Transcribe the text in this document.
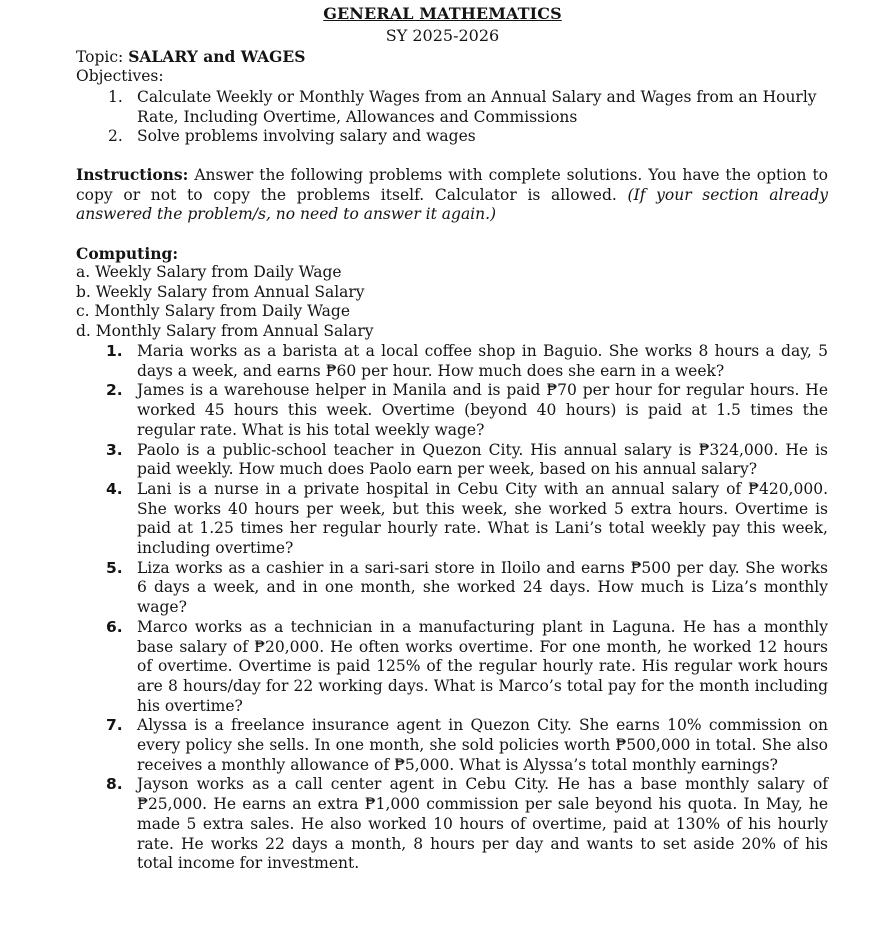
GENERAL MATHEMATICS
SY 2025-2026
Topic: SALARY and WAGES
Objectives:
1. Calculate Weekly or Monthly Wages from an Annual Salary and Wages from an Hourly Rate, Including Overtime, Allowances and Commissions
2. Solve problems involving salary and wages
Instructions: Answer the following problems with complete solutions. You have the option to copy or not to copy the problems itself. Calculator is allowed. (If your section already answered the problem/s, no need to answer it again.)
Computing:
a. Weekly Salary from Daily Wage
b. Weekly Salary from Annual Salary
c. Monthly Salary from Daily Wage
d. Monthly Salary from Annual Salary
1. Maria works as a barista at a local coffee shop in Baguio. She works 8 hours a day, 5 days a week, and earns ₱60 per hour. How much does she earn in a week?
2. James is a warehouse helper in Manila and is paid ₱70 per hour for regular hours. He worked 45 hours this week. Overtime (beyond 40 hours) is paid at 1.5 times the regular rate. What is his total weekly wage?
3. Paolo is a public-school teacher in Quezon City. His annual salary is ₱324,000. He is paid weekly. How much does Paolo earn per week, based on his annual salary?
4. Lani is a nurse in a private hospital in Cebu City with an annual salary of ₱420,000. She works 40 hours per week, but this week, she worked 5 extra hours. Overtime is paid at 1.25 times her regular hourly rate. What is Lani’s total weekly pay this week, including overtime?
5. Liza works as a cashier in a sari-sari store in Iloilo and earns ₱500 per day. She works 6 days a week, and in one month, she worked 24 days. How much is Liza’s monthly wage?
6. Marco works as a technician in a manufacturing plant in Laguna. He has a monthly base salary of ₱20,000. He often works overtime. For one month, he worked 12 hours of overtime. Overtime is paid 125% of the regular hourly rate. His regular work hours are 8 hours/day for 22 working days. What is Marco’s total pay for the month including his overtime?
7. Alyssa is a freelance insurance agent in Quezon City. She earns 10% commission on every policy she sells. In one month, she sold policies worth ₱500,000 in total. She also receives a monthly allowance of ₱5,000. What is Alyssa’s total monthly earnings?
8. Jayson works as a call center agent in Cebu City. He has a base monthly salary of ₱25,000. He earns an extra ₱1,000 commission per sale beyond his quota. In May, he made 5 extra sales. He also worked 10 hours of overtime, paid at 130% of his hourly rate. He works 22 days a month, 8 hours per day and wants to set aside 20% of his total income for investment.
